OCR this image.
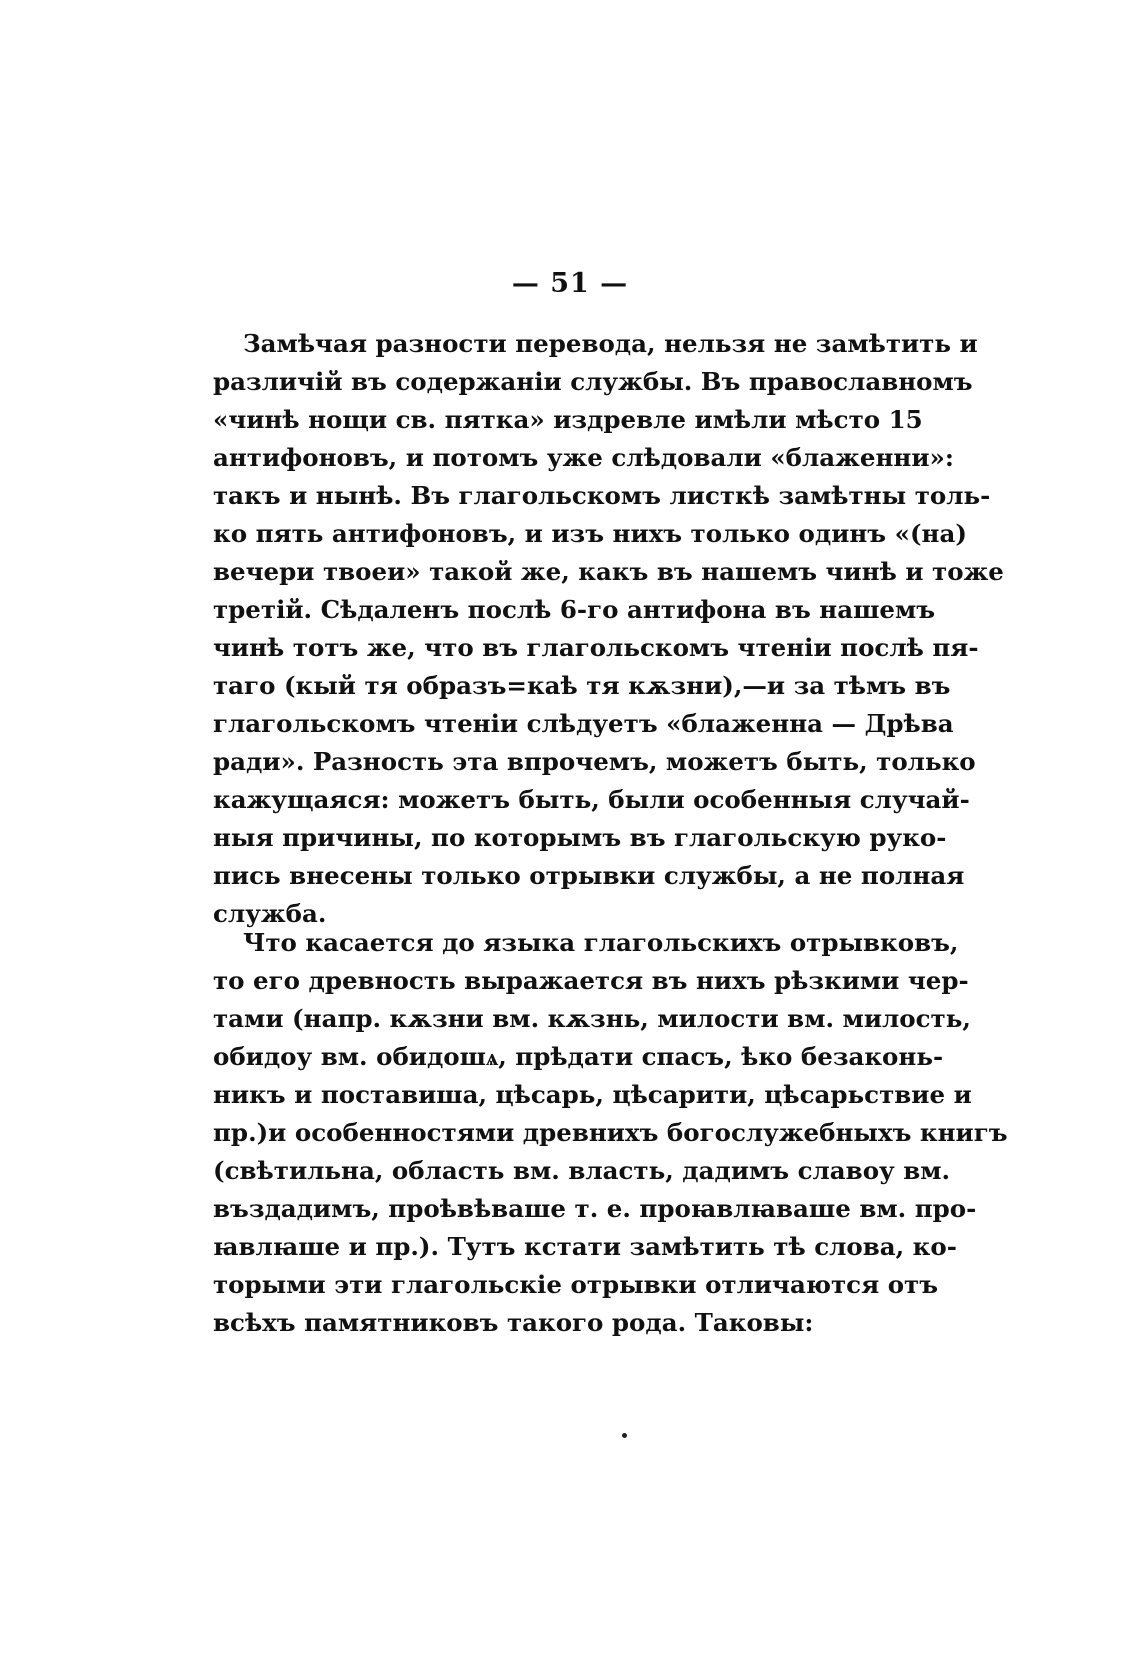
— 51 —
Замѣчая разности перевода, нельзя не замѣтить и
различій въ содержаніи службы. Въ православномъ
«чинѣ нощи св. пятка» издревле имѣли мѣсто 15
антифоновъ, и потомъ уже слѣдовали «блаженни»:
такъ и нынѣ. Въ глагольскомъ листкѣ замѣтны толь-
ко пять антифоновъ, и изъ нихъ только одинъ «(на)
вечери твоеи» такой же, какъ въ нашемъ чинѣ и тоже
третій. Сѣдаленъ послѣ 6-го антифона въ нашемъ
чинѣ тотъ же, что въ глагольскомъ чтеніи послѣ пя-
таго (кый тя образъ=каѣ тя кѫзни),—и за тѣмъ въ
глагольскомъ чтеніи слѣдуетъ «блаженна — Дрѣва
ради». Разность эта впрочемъ, можетъ быть, только
кажущаяся: можетъ быть, были особенныя случай-
ныя причины, по которымъ въ глагольскую руко-
пись внесены только отрывки службы, а не полная
служба.
Что касается до языка глагольскихъ отрывковъ,
то его древность выражается въ нихъ рѣзкими чер-
тами (напр. кѫзни вм. кѫзнь, милости вм. милость,
обидоу вм. обидошѧ, прѣдати спасъ, ѣко безаконь-
никъ и поставиша, цѣсарь, цѣсарити, цѣсарьствие и
пр.)и особенностями древнихъ богослужебныхъ книгъ
(свѣтильна, область вм. власть, дадимъ славоу вм.
въздадимъ, проѣвѣваше т. е. проꙗвлꙗваше вм. про-
ꙗвлꙗше и пр.). Тутъ кстати замѣтить тѣ слова, ко-
торыми эти глагольскіе отрывки отличаются отъ
всѣхъ памятниковъ такого рода. Таковы:
